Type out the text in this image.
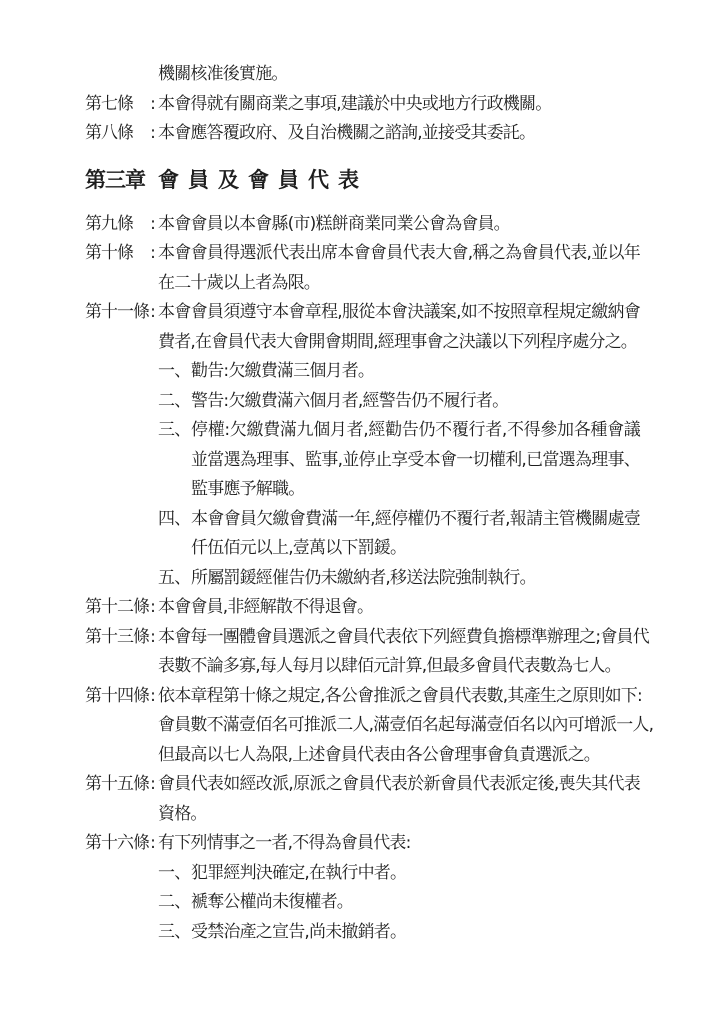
機關核准後實施。
第七條 : 本會得就有關商業之事項,建議於中央或地方行政機關。
第八條 : 本會應答覆政府、及自治機關之諮詢,並接受其委託。
第三章 會員及會員代表
第九條 : 本會會員以本會縣(市)糕餅商業同業公會為會員。
第十條 : 本會會員得選派代表出席本會會員代表大會,稱之為會員代表,並以年
在二十歲以上者為限。
第十一條 : 本會會員須遵守本會章程,服從本會決議案,如不按照章程規定繳納會
費者,在會員代表大會開會期間,經理事會之決議以下列程序處分之。
一、 勸告:欠繳費滿三個月者。
二、 警告:欠繳費滿六個月者,經警告仍不履行者。
三、 停權:欠繳費滿九個月者,經勸告仍不覆行者,不得參加各種會議
並當選為理事、監事,並停止享受本會一切權利,已當選為理事、
監事應予解職。
四、 本會會員欠繳會費滿一年,經停權仍不覆行者,報請主管機關處壹
仟伍佰元以上,壹萬以下罰鍰。
五、 所屬罰鍰經催告仍未繳納者,移送法院強制執行。
第十二條 : 本會會員,非經解散不得退會。
第十三條 : 本會每一團體會員選派之會員代表依下列經費負擔標準辦理之;會員代
表數不論多寡,每人每月以肆佰元計算,但最多會員代表數為七人。
第十四條 : 依本章程第十條之規定,各公會推派之會員代表數,其產生之原則如下:
會員數不滿壹佰名可推派二人,滿壹佰名起每滿壹佰名以內可增派一人,
但最高以七人為限,上述會員代表由各公會理事會負責選派之。
第十五條 : 會員代表如經改派,原派之會員代表於新會員代表派定後,喪失其代表
資格。
第十六條 : 有下列情事之一者,不得為會員代表:
一、 犯罪經判決確定,在執行中者。
二、 褫奪公權尚未復權者。
三、 受禁治產之宣告,尚未撤銷者。
